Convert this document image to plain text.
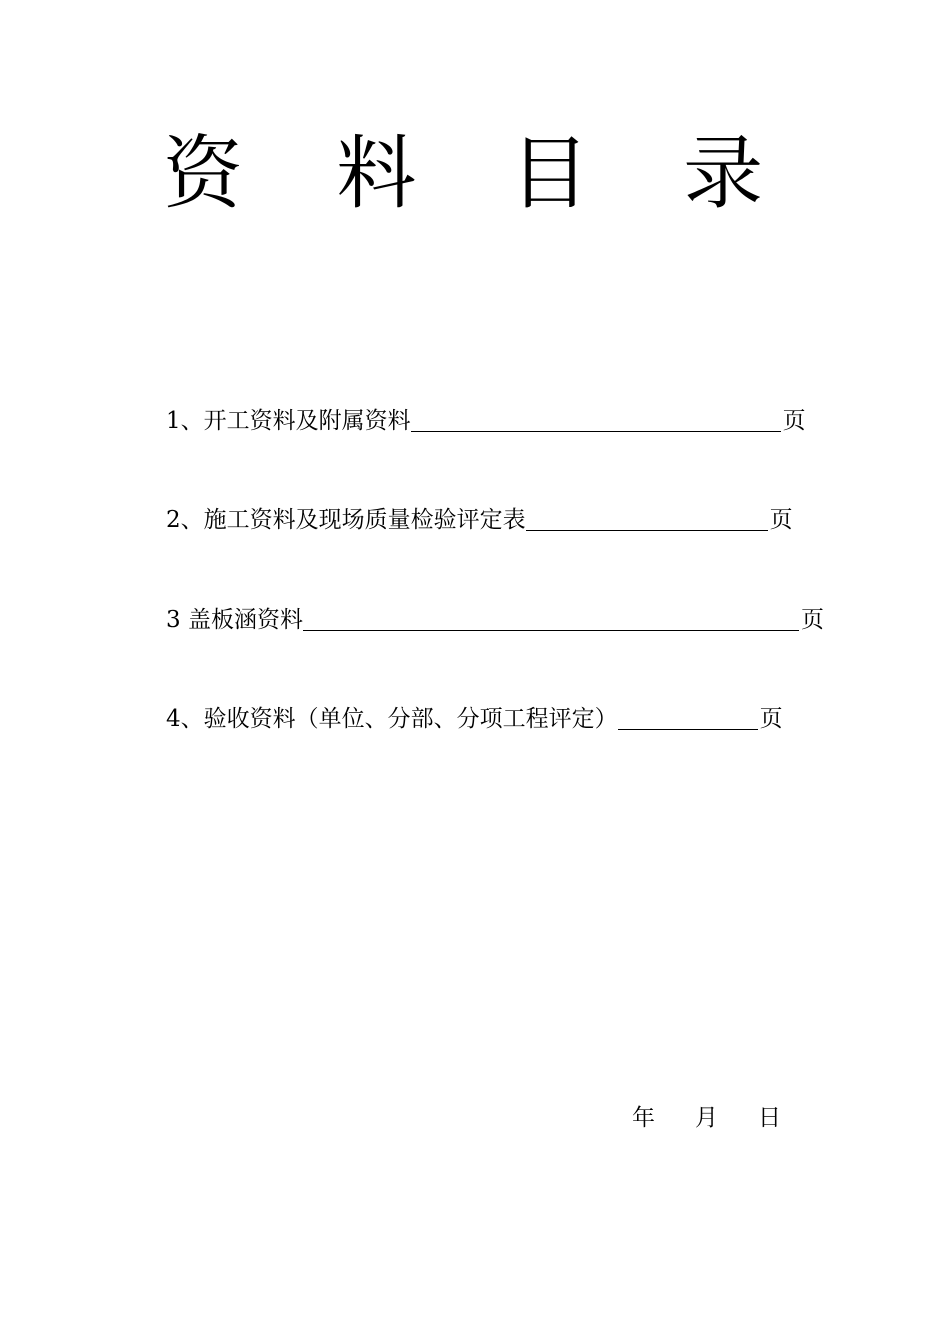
资 料 目 录
1、开工资料及附属资料	页
2、施工资料及现场质量检验评定表	页
3 盖板涵资料	页
4、验收资料（单位、分部、分项工程评定）	页
年 月 日
